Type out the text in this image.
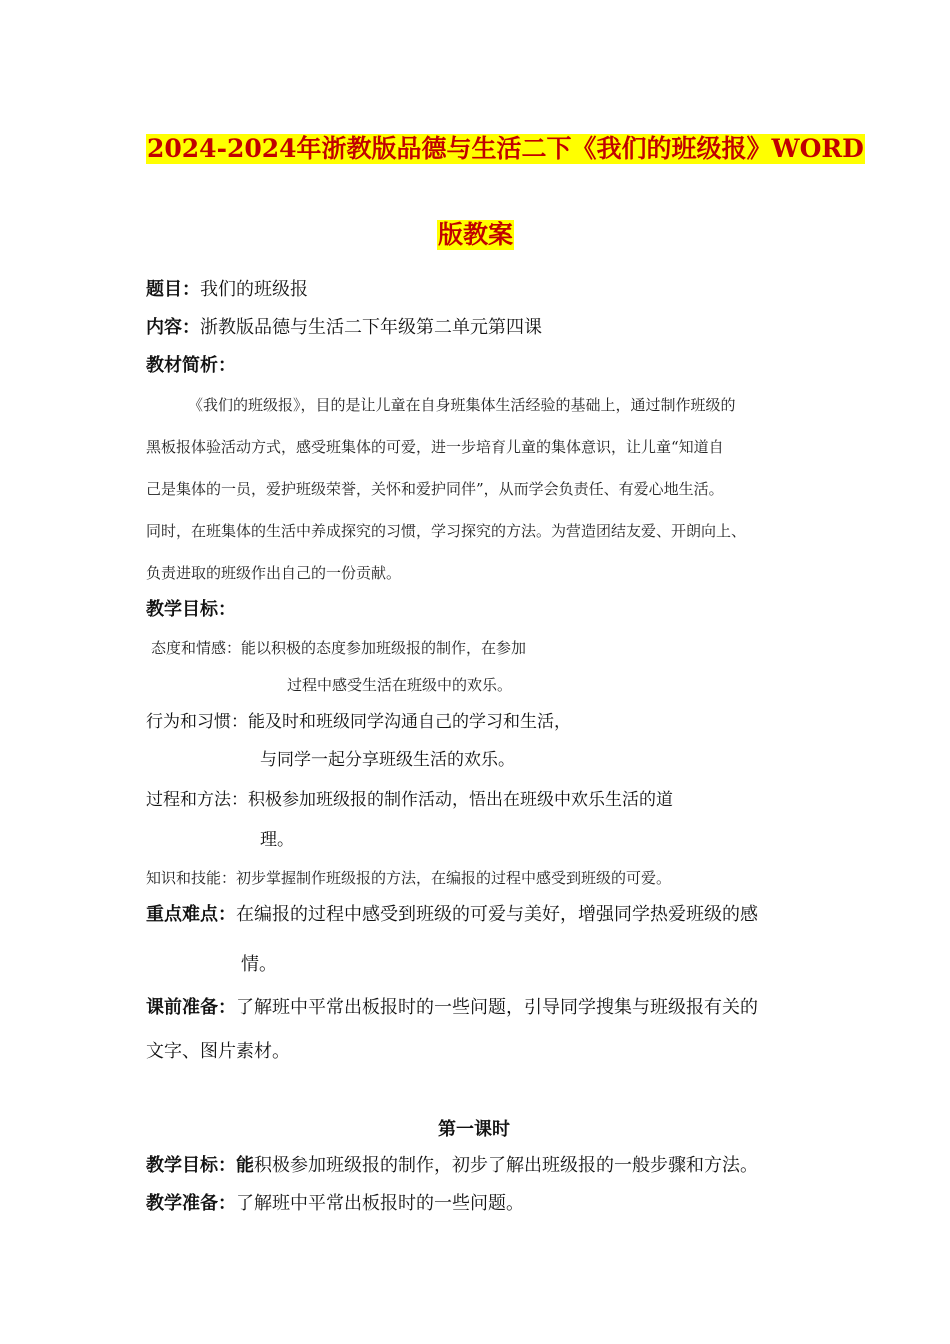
2024-2024年浙教版品德与生活二下《我们的班级报》WORD
版教案
题目：我们的班级报
内容：浙教版品德与生活二下年级第二单元第四课
教材简析：
《我们的班级报》，目的是让儿童在自身班集体生活经验的基础上，通过制作班级的
黑板报体验活动方式，感受班集体的可爱，进一步培育儿童的集体意识，让儿童“知道自
己是集体的一员，爱护班级荣誉，关怀和爱护同伴”，从而学会负责任、有爱心地生活。
同时，在班集体的生活中养成探究的习惯，学习探究的方法。为营造团结友爱、开朗向上、
负责进取的班级作出自己的一份贡献。
教学目标：
态度和情感：能以积极的态度参加班级报的制作，在参加
过程中感受生活在班级中的欢乐。
行为和习惯：能及时和班级同学沟通自己的学习和生活，
与同学一起分享班级生活的欢乐。
过程和方法：积极参加班级报的制作活动，悟出在班级中欢乐生活的道
理。
知识和技能：初步掌握制作班级报的方法，在编报的过程中感受到班级的可爱。
重点难点：在编报的过程中感受到班级的可爱与美好，增强同学热爱班级的感
情。
课前准备：了解班中平常出板报时的一些问题，引导同学搜集与班级报有关的
文字、图片素材。
第一课时
教学目标：能积极参加班级报的制作，初步了解出班级报的一般步骤和方法。
教学准备：了解班中平常出板报时的一些问题。
